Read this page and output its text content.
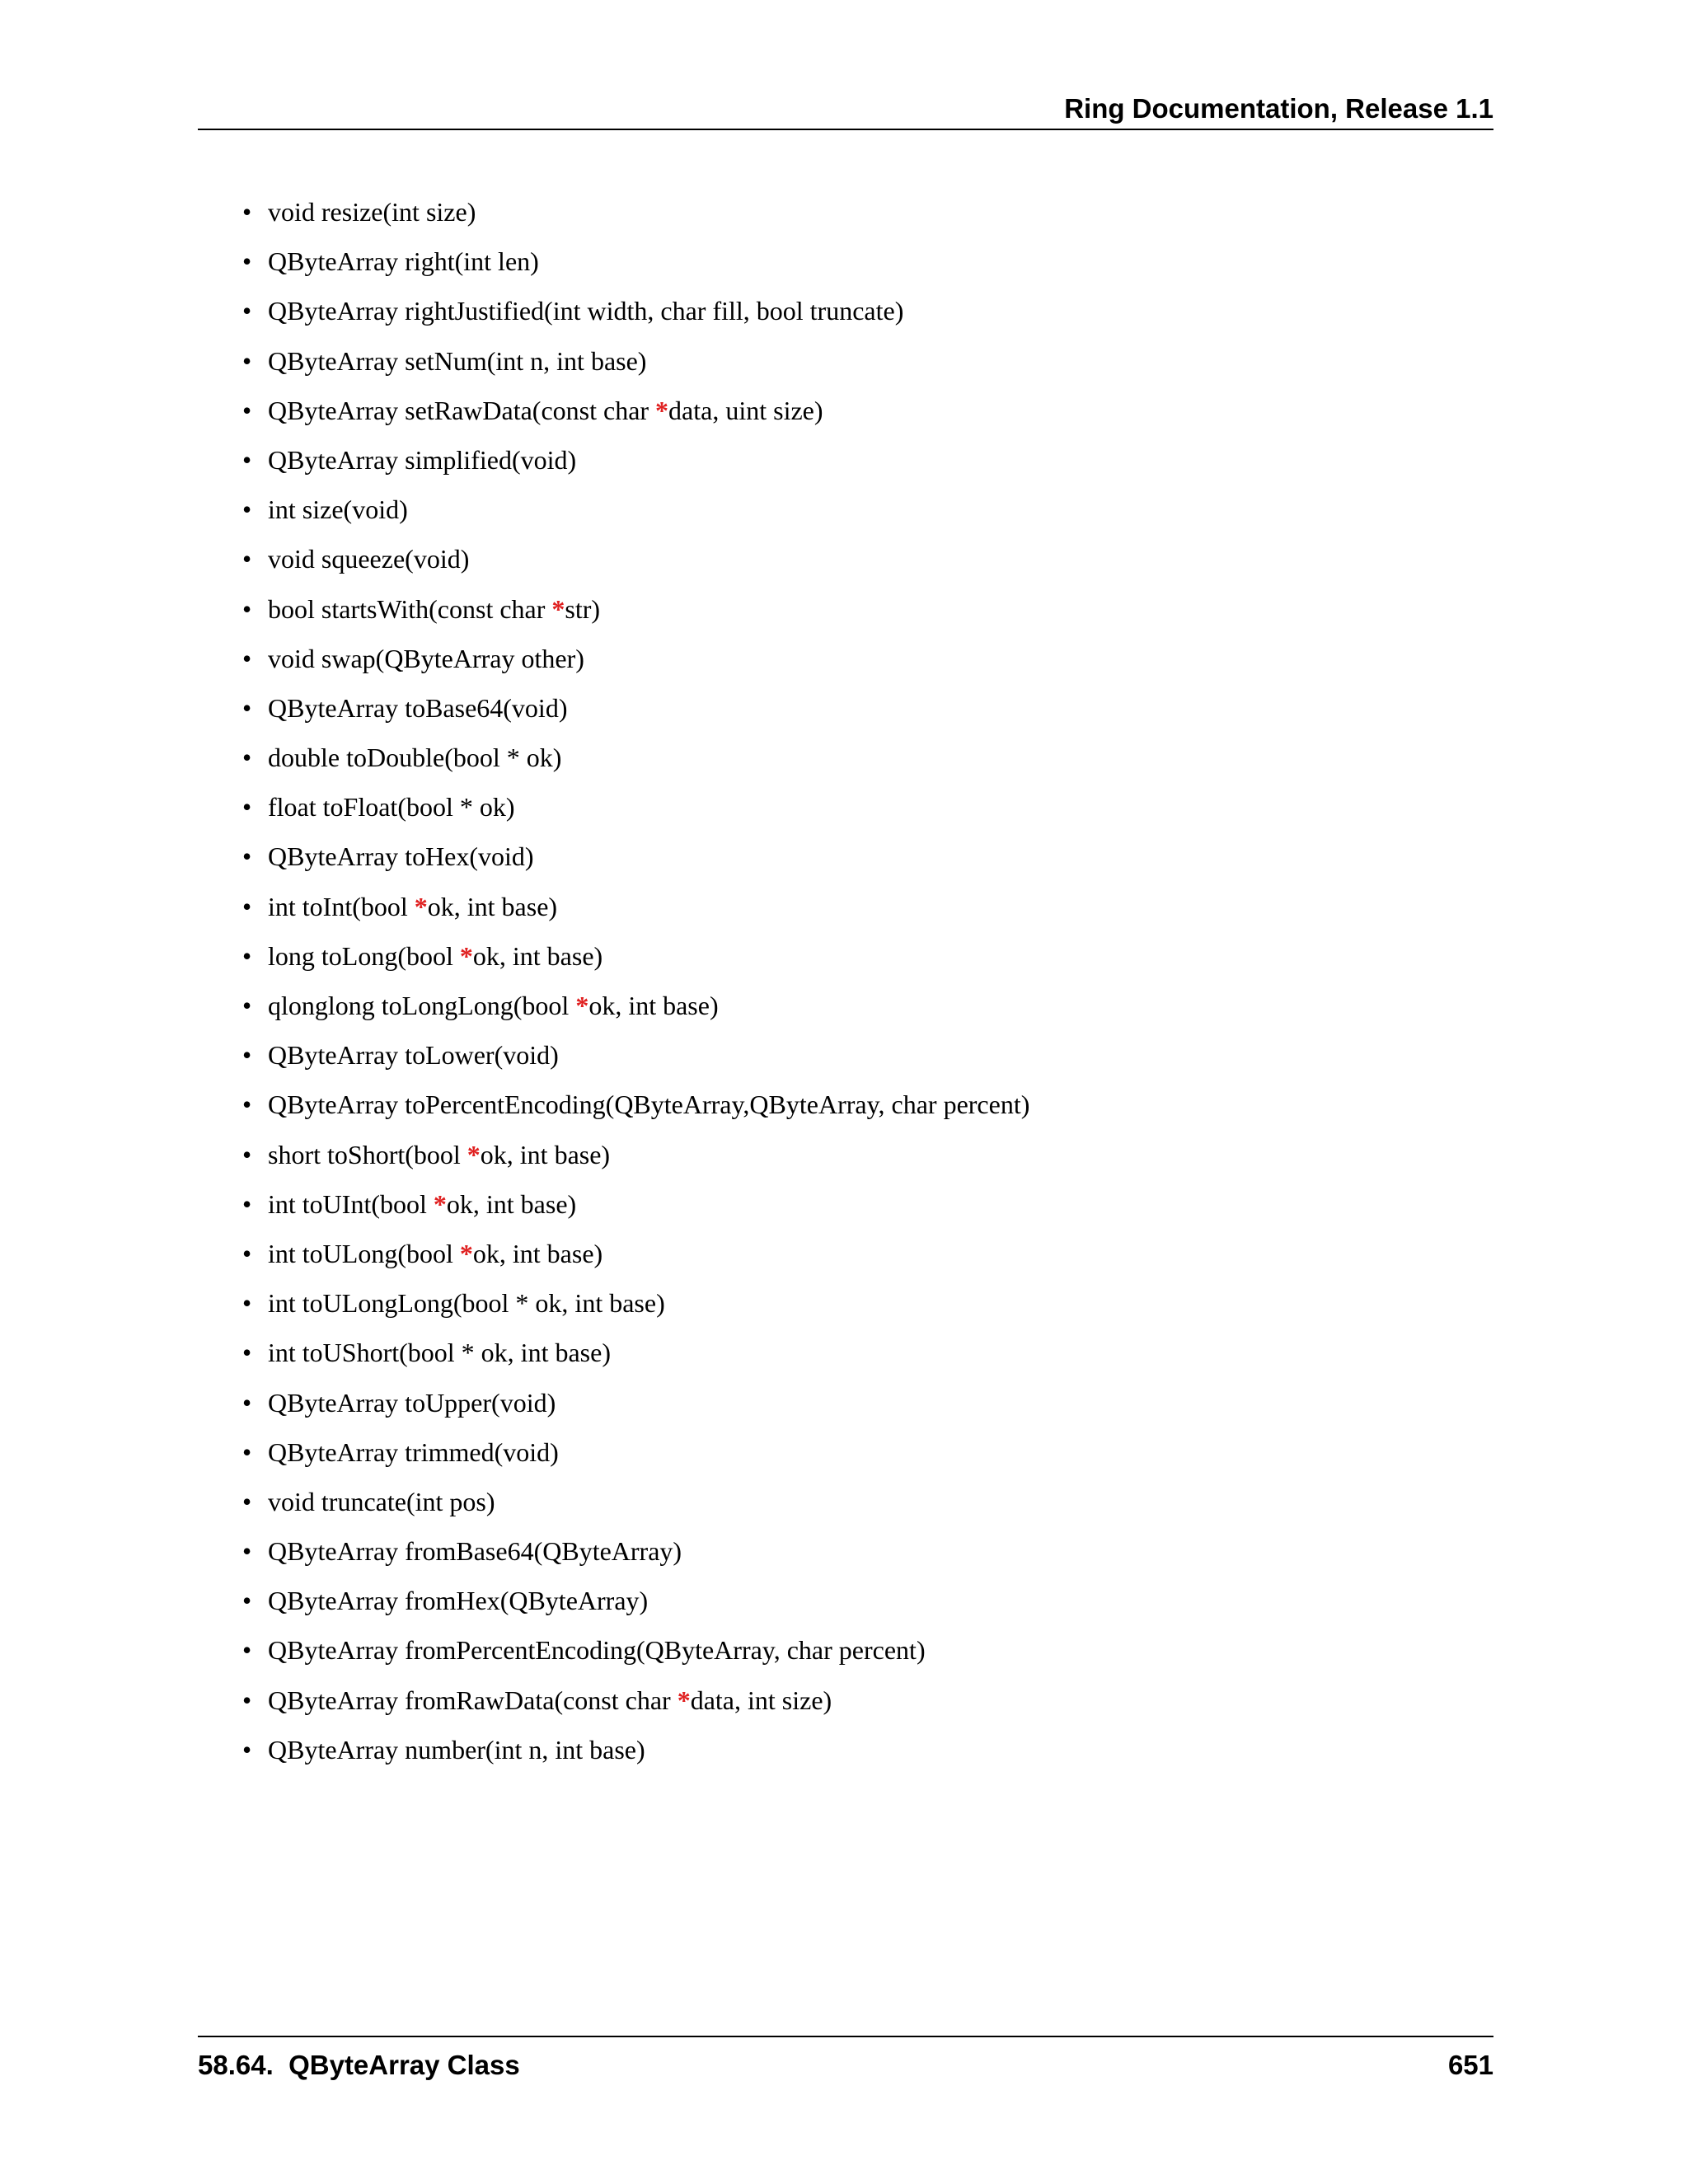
Ring Documentation, Release 1.1
• void resize(int size)
• QByteArray right(int len)
• QByteArray rightJustified(int width, char fill, bool truncate)
• QByteArray setNum(int n, int base)
• QByteArray setRawData(const char *data, uint size)
• QByteArray simplified(void)
• int size(void)
• void squeeze(void)
• bool startsWith(const char *str)
• void swap(QByteArray other)
• QByteArray toBase64(void)
• double toDouble(bool * ok)
• float toFloat(bool * ok)
• QByteArray toHex(void)
• int toInt(bool *ok, int base)
• long toLong(bool *ok, int base)
• qlonglong toLongLong(bool *ok, int base)
• QByteArray toLower(void)
• QByteArray toPercentEncoding(QByteArray,QByteArray, char percent)
• short toShort(bool *ok, int base)
• int toUInt(bool *ok, int base)
• int toULong(bool *ok, int base)
• int toULongLong(bool * ok, int base)
• int toUShort(bool * ok, int base)
• QByteArray toUpper(void)
• QByteArray trimmed(void)
• void truncate(int pos)
• QByteArray fromBase64(QByteArray)
• QByteArray fromHex(QByteArray)
• QByteArray fromPercentEncoding(QByteArray, char percent)
• QByteArray fromRawData(const char *data, int size)
• QByteArray number(int n, int base)
58.64.  QByteArray Class	651
